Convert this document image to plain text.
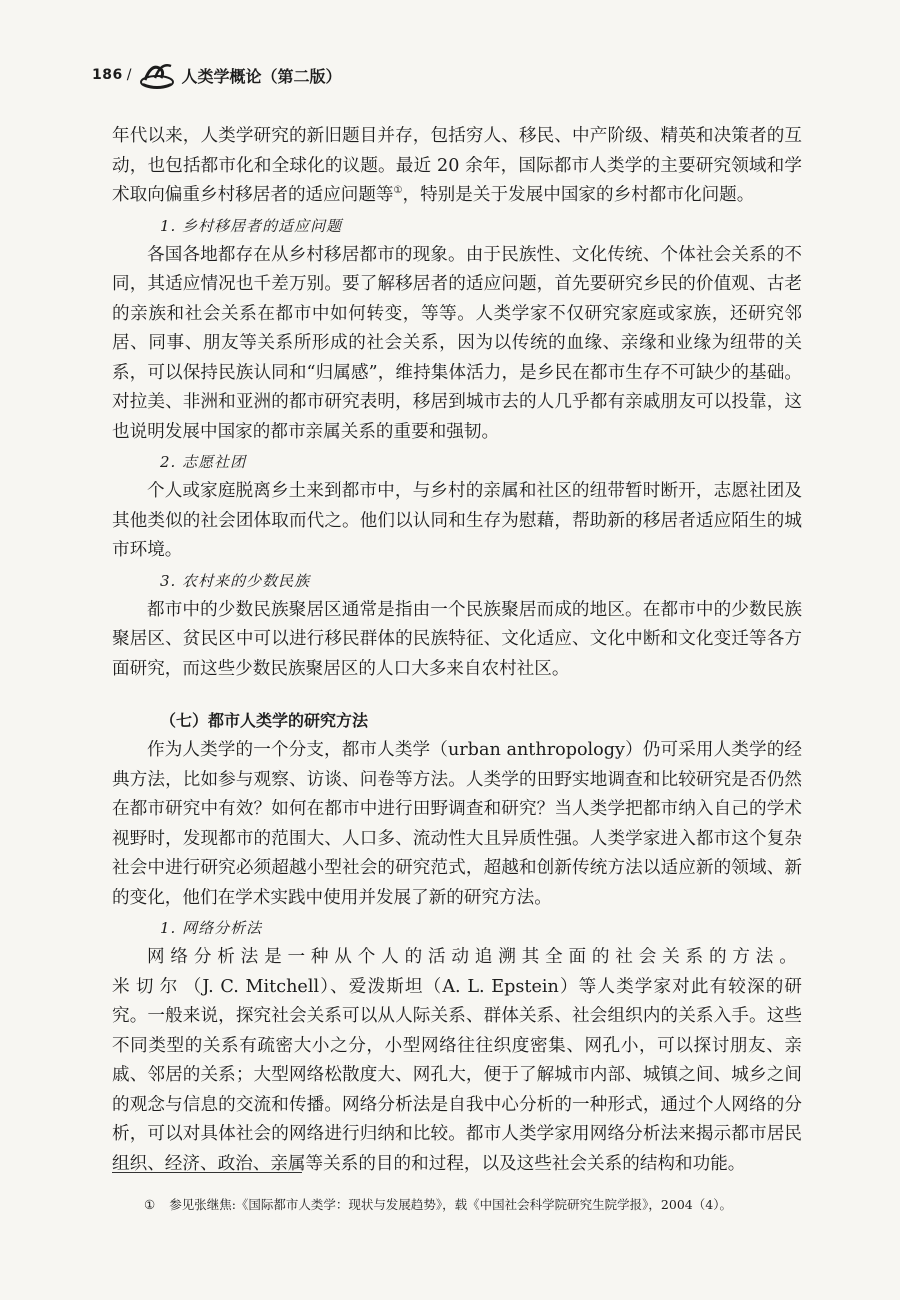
186 /	人类学概论（第二版）

年代以来，人类学研究的新旧题目并存，包括穷人、移民、中产阶级、精英和决策者的互动，也包括都市化和全球化的议题。最近 20 余年，国际都市人类学的主要研究领域和学术取向偏重乡村移居者的适应问题等①，特别是关于发展中国家的乡村都市化问题。

1. 乡村移居者的适应问题

各国各地都存在从乡村移居都市的现象。由于民族性、文化传统、个体社会关系的不同，其适应情况也千差万别。要了解移居者的适应问题，首先要研究乡民的价值观、古老的亲族和社会关系在都市中如何转变，等等。人类学家不仅研究家庭或家族，还研究邻居、同事、朋友等关系所形成的社会关系，因为以传统的血缘、亲缘和业缘为纽带的关系，可以保持民族认同和“归属感”，维持集体活力，是乡民在都市生存不可缺少的基础。对拉美、非洲和亚洲的都市研究表明，移居到城市去的人几乎都有亲戚朋友可以投靠，这也说明发展中国家的都市亲属关系的重要和强韧。

2. 志愿社团

个人或家庭脱离乡土来到都市中，与乡村的亲属和社区的纽带暂时断开，志愿社团及其他类似的社会团体取而代之。他们以认同和生存为慰藉，帮助新的移居者适应陌生的城市环境。

3. 农村来的少数民族

都市中的少数民族聚居区通常是指由一个民族聚居而成的地区。在都市中的少数民族聚居区、贫民区中可以进行移民群体的民族特征、文化适应、文化中断和文化变迁等各方面研究，而这些少数民族聚居区的人口大多来自农村社区。

（七）都市人类学的研究方法

作为人类学的一个分支，都市人类学（urban anthropology）仍可采用人类学的经典方法，比如参与观察、访谈、问卷等方法。人类学的田野实地调查和比较研究是否仍然在都市研究中有效？如何在都市中进行田野调查和研究？当人类学把都市纳入自己的学术视野时，发现都市的范围大、人口多、流动性大且异质性强。人类学家进入都市这个复杂社会中进行研究必须超越小型社会的研究范式，超越和创新传统方法以适应新的领域、新的变化，他们在学术实践中使用并发展了新的研究方法。

1. 网络分析法

网络分析法是一种从个人的活动追溯其全面的社会关系的方法。米切尔（J. C. Mitchell）、爱泼斯坦（A. L. Epstein）等人类学家对此有较深的研究。一般来说，探究社会关系可以从人际关系、群体关系、社会组织内的关系入手。这些不同类型的关系有疏密大小之分，小型网络往往织度密集、网孔小，可以探讨朋友、亲戚、邻居的关系；大型网络松散度大、网孔大，便于了解城市内部、城镇之间、城乡之间的观念与信息的交流和传播。网络分析法是自我中心分析的一种形式，通过个人网络的分析，可以对具体社会的网络进行归纳和比较。都市人类学家用网络分析法来揭示都市居民组织、经济、政治、亲属等关系的目的和过程，以及这些社会关系的结构和功能。

① 参见张继焦:《国际都市人类学：现状与发展趋势》，载《中国社会科学院研究生院学报》，2004（4）。
